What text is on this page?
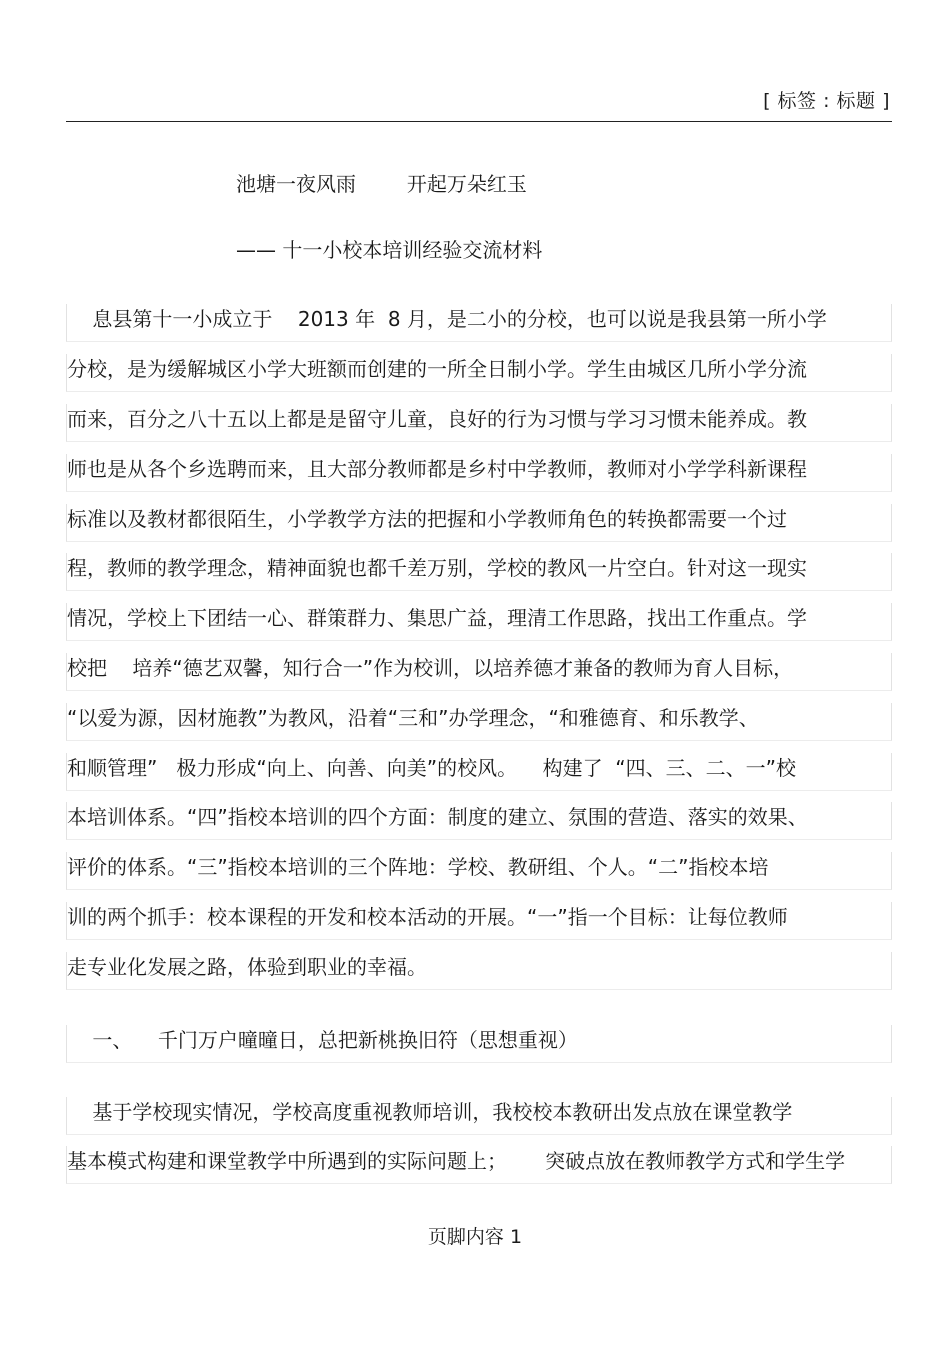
[ 标签 : 标题 ]
池塘一夜风雨        开起万朵红玉
—— 十一小校本培训经验交流材料
息县第十一小成立于    2013 年  8 月，是二小的分校，也可以说是我县第一所小学
分校，是为缓解城区小学大班额而创建的一所全日制小学。学生由城区几所小学分流
而来，百分之八十五以上都是是留守儿童，良好的行为习惯与学习习惯未能养成。教
师也是从各个乡选聘而来，且大部分教师都是乡村中学教师，教师对小学学科新课程
标准以及教材都很陌生，小学教学方法的把握和小学教师角色的转换都需要一个过
程，教师的教学理念，精神面貌也都千差万别，学校的教风一片空白。针对这一现实
情况，学校上下团结一心、群策群力、集思广益，理清工作思路，找出工作重点。学
校把    培养“德艺双馨，知行合一”作为校训，以培养德才兼备的教师为育人目标，
“以爱为源，因材施教”为教风，沿着“三和”办学理念，“和雅德育、和乐教学、
和顺管理”   极力形成“向上、向善、向美”的校风。    构建了  “四、三、二、一”校
本培训体系。“四”指校本培训的四个方面：制度的建立、氛围的营造、落实的效果、
评价的体系。“三”指校本培训的三个阵地：学校、教研组、个人。“二”指校本培
训的两个抓手：校本课程的开发和校本活动的开展。“一”指一个目标：让每位教师
走专业化发展之路，体验到职业的幸福。
一、    千门万户曈曈日，总把新桃换旧符（思想重视）
基于学校现实情况，学校高度重视教师培训，我校校本教研出发点放在课堂教学
基本模式构建和课堂教学中所遇到的实际问题上；      突破点放在教师教学方式和学生学
页脚内容 1
